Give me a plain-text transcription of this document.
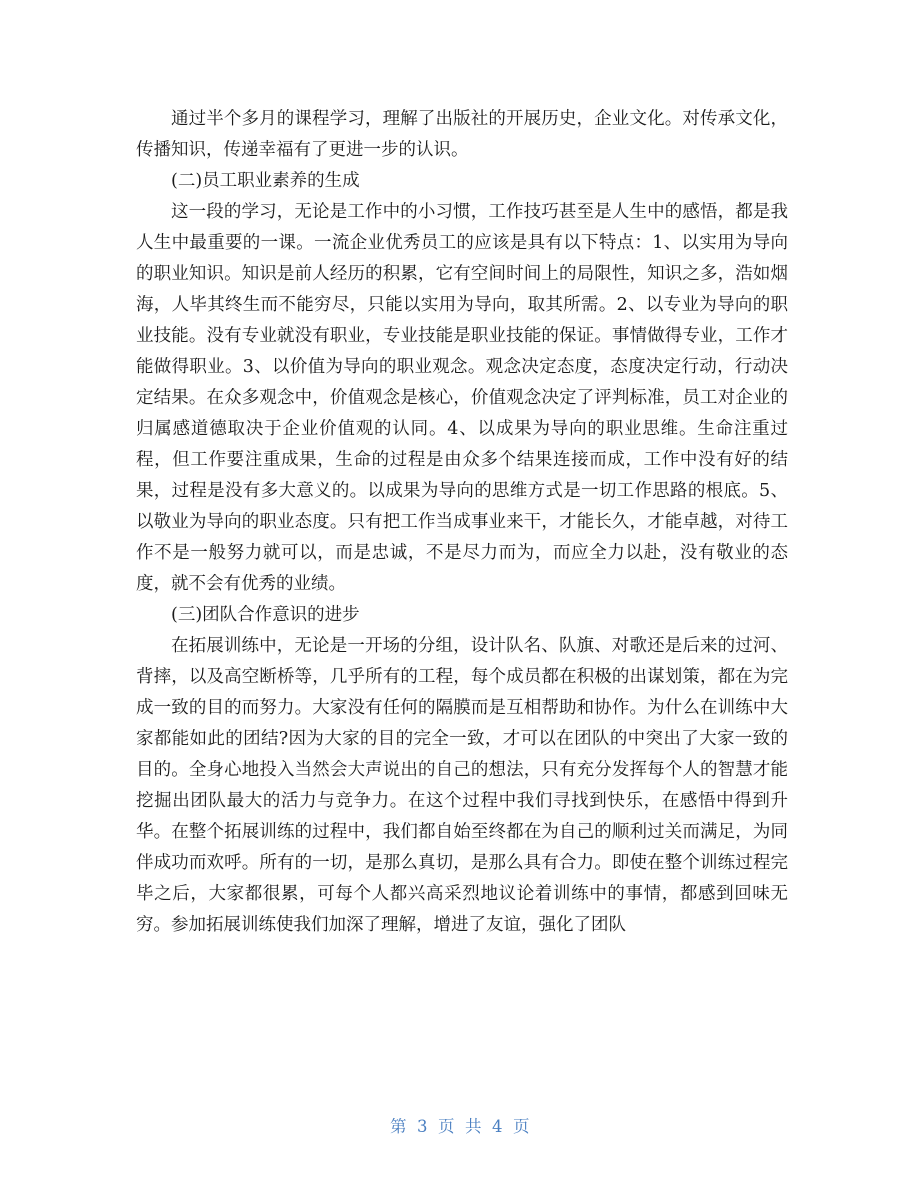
通过半个多月的课程学习，理解了出版社的开展历史，企业文化。对传承文化，传播知识，传递幸福有了更进一步的认识。

(二)员工职业素养的生成

这一段的学习，无论是工作中的小习惯，工作技巧甚至是人生中的感悟，都是我人生中最重要的一课。一流企业优秀员工的应该是具有以下特点：1、以实用为导向的职业知识。知识是前人经历的积累，它有空间时间上的局限性，知识之多，浩如烟海，人毕其终生而不能穷尽，只能以实用为导向，取其所需。2、以专业为导向的职业技能。没有专业就没有职业，专业技能是职业技能的保证。事情做得专业，工作才能做得职业。3、以价值为导向的职业观念。观念决定态度，态度决定行动，行动决定结果。在众多观念中，价值观念是核心，价值观念决定了评判标准，员工对企业的归属感道德取决于企业价值观的认同。4、以成果为导向的职业思维。生命注重过程，但工作要注重成果，生命的过程是由众多个结果连接而成，工作中没有好的结果，过程是没有多大意义的。以成果为导向的思维方式是一切工作思路的根底。5、以敬业为导向的职业态度。只有把工作当成事业来干，才能长久，才能卓越，对待工作不是一般努力就可以，而是忠诚，不是尽力而为，而应全力以赴，没有敬业的态度，就不会有优秀的业绩。

(三)团队合作意识的进步

在拓展训练中，无论是一开场的分组，设计队名、队旗、对歌还是后来的过河、背摔，以及高空断桥等，几乎所有的工程，每个成员都在积极的出谋划策，都在为完成一致的目的而努力。大家没有任何的隔膜而是互相帮助和协作。为什么在训练中大家都能如此的团结?因为大家的目的完全一致，才可以在团队的中突出了大家一致的目的。全身心地投入当然会大声说出的自己的想法，只有充分发挥每个人的智慧才能挖掘出团队最大的活力与竞争力。在这个过程中我们寻找到快乐，在感悟中得到升华。在整个拓展训练的过程中，我们都自始至终都在为自己的顺利过关而满足，为同伴成功而欢呼。所有的一切，是那么真切，是那么具有合力。即使在整个训练过程完毕之后，大家都很累，可每个人都兴高采烈地议论着训练中的事情，都感到回味无穷。参加拓展训练使我们加深了理解，增进了友谊，强化了团队

第 3 页 共 4 页
